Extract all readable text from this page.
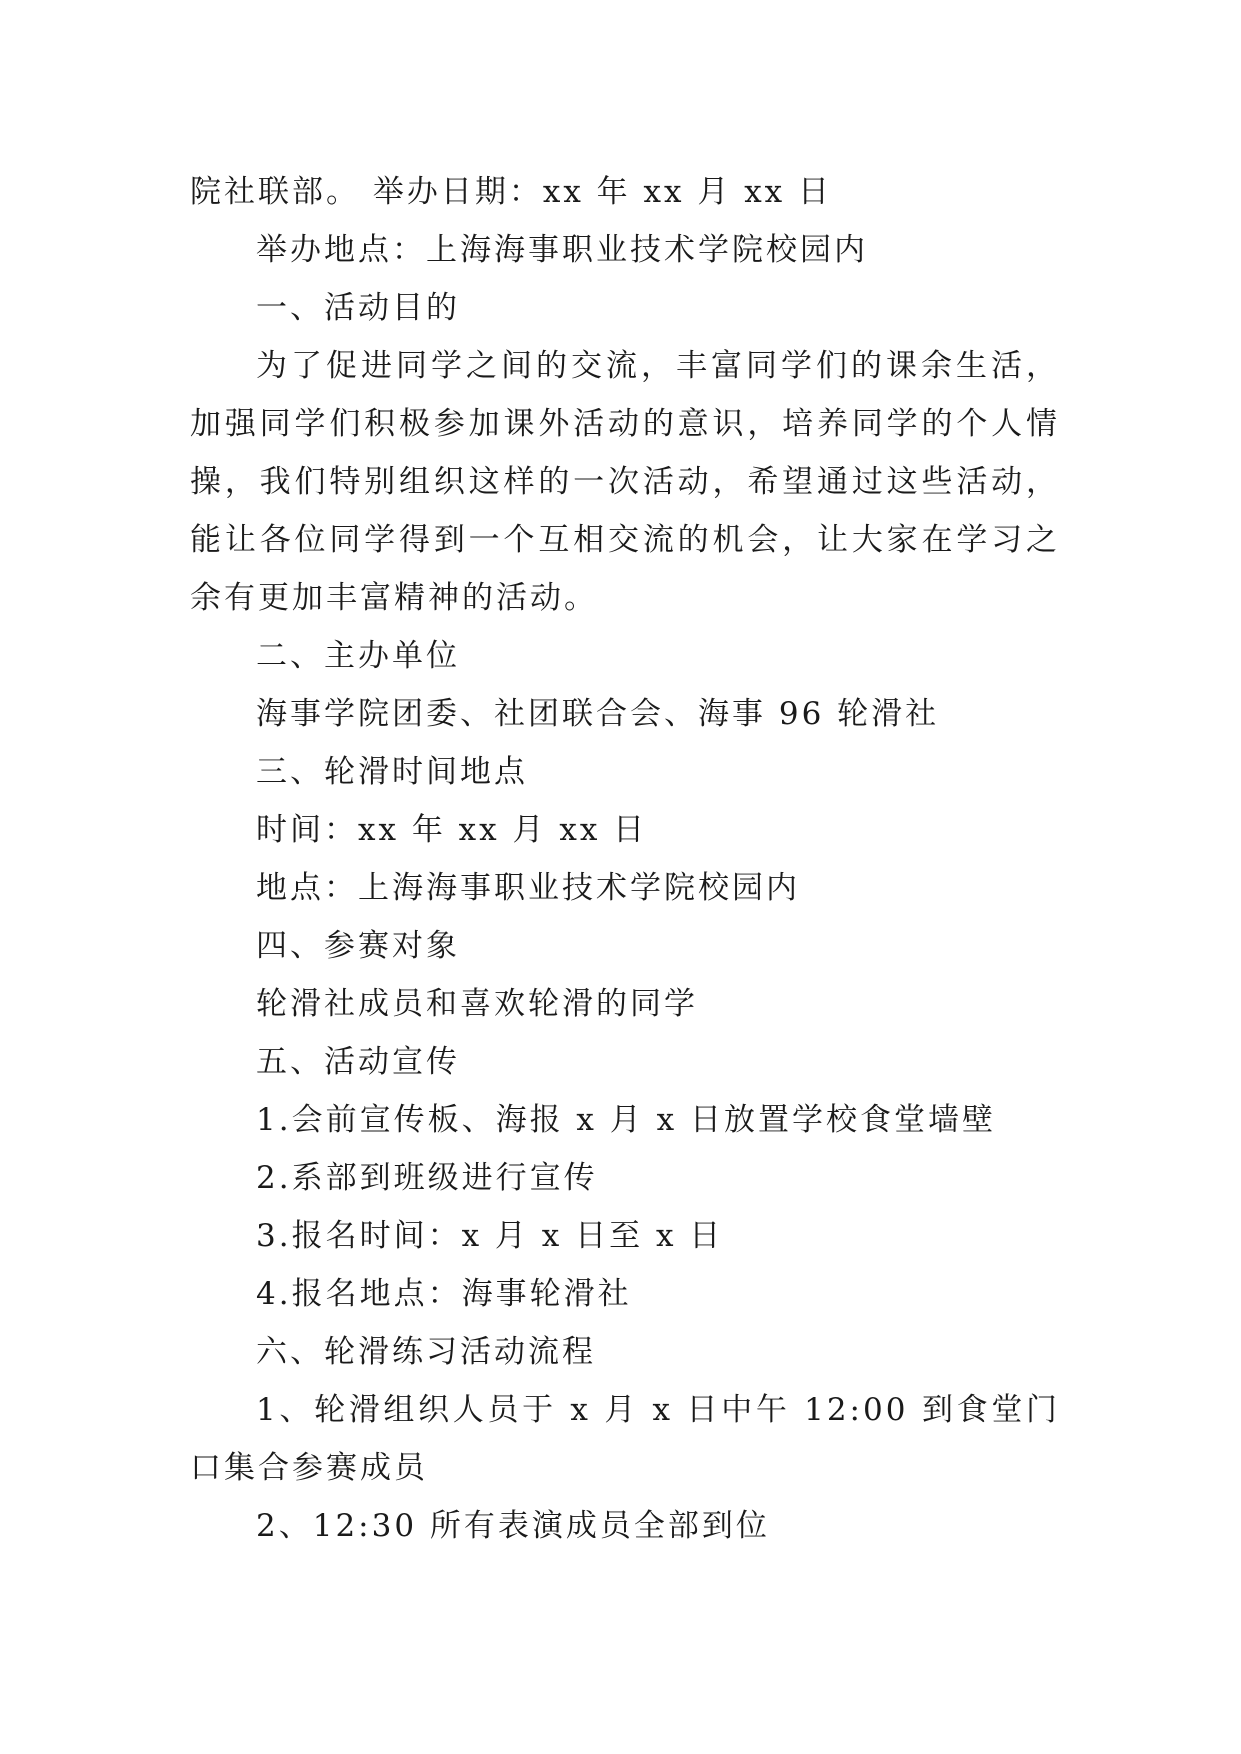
院社联部。 举办日期：xx 年 xx 月 xx 日
举办地点：上海海事职业技术学院校园内
一、活动目的
为了促进同学之间的交流，丰富同学们的课余生活，加强同学们积极参加课外活动的意识，培养同学的个人情操，我们特别组织这样的一次活动，希望通过这些活动，能让各位同学得到一个互相交流的机会，让大家在学习之余有更加丰富精神的活动。
二、主办单位
海事学院团委、社团联合会、海事 96 轮滑社
三、轮滑时间地点
时间：xx 年 xx 月 xx 日
地点：上海海事职业技术学院校园内
四、参赛对象
轮滑社成员和喜欢轮滑的同学
五、活动宣传
1.会前宣传板、海报 x 月 x 日放置学校食堂墙壁
2.系部到班级进行宣传
3.报名时间：x 月 x 日至 x 日
4.报名地点：海事轮滑社
六、轮滑练习活动流程
1、轮滑组织人员于 x 月 x 日中午 12:00 到食堂门口集合参赛成员
2、12:30 所有表演成员全部到位
